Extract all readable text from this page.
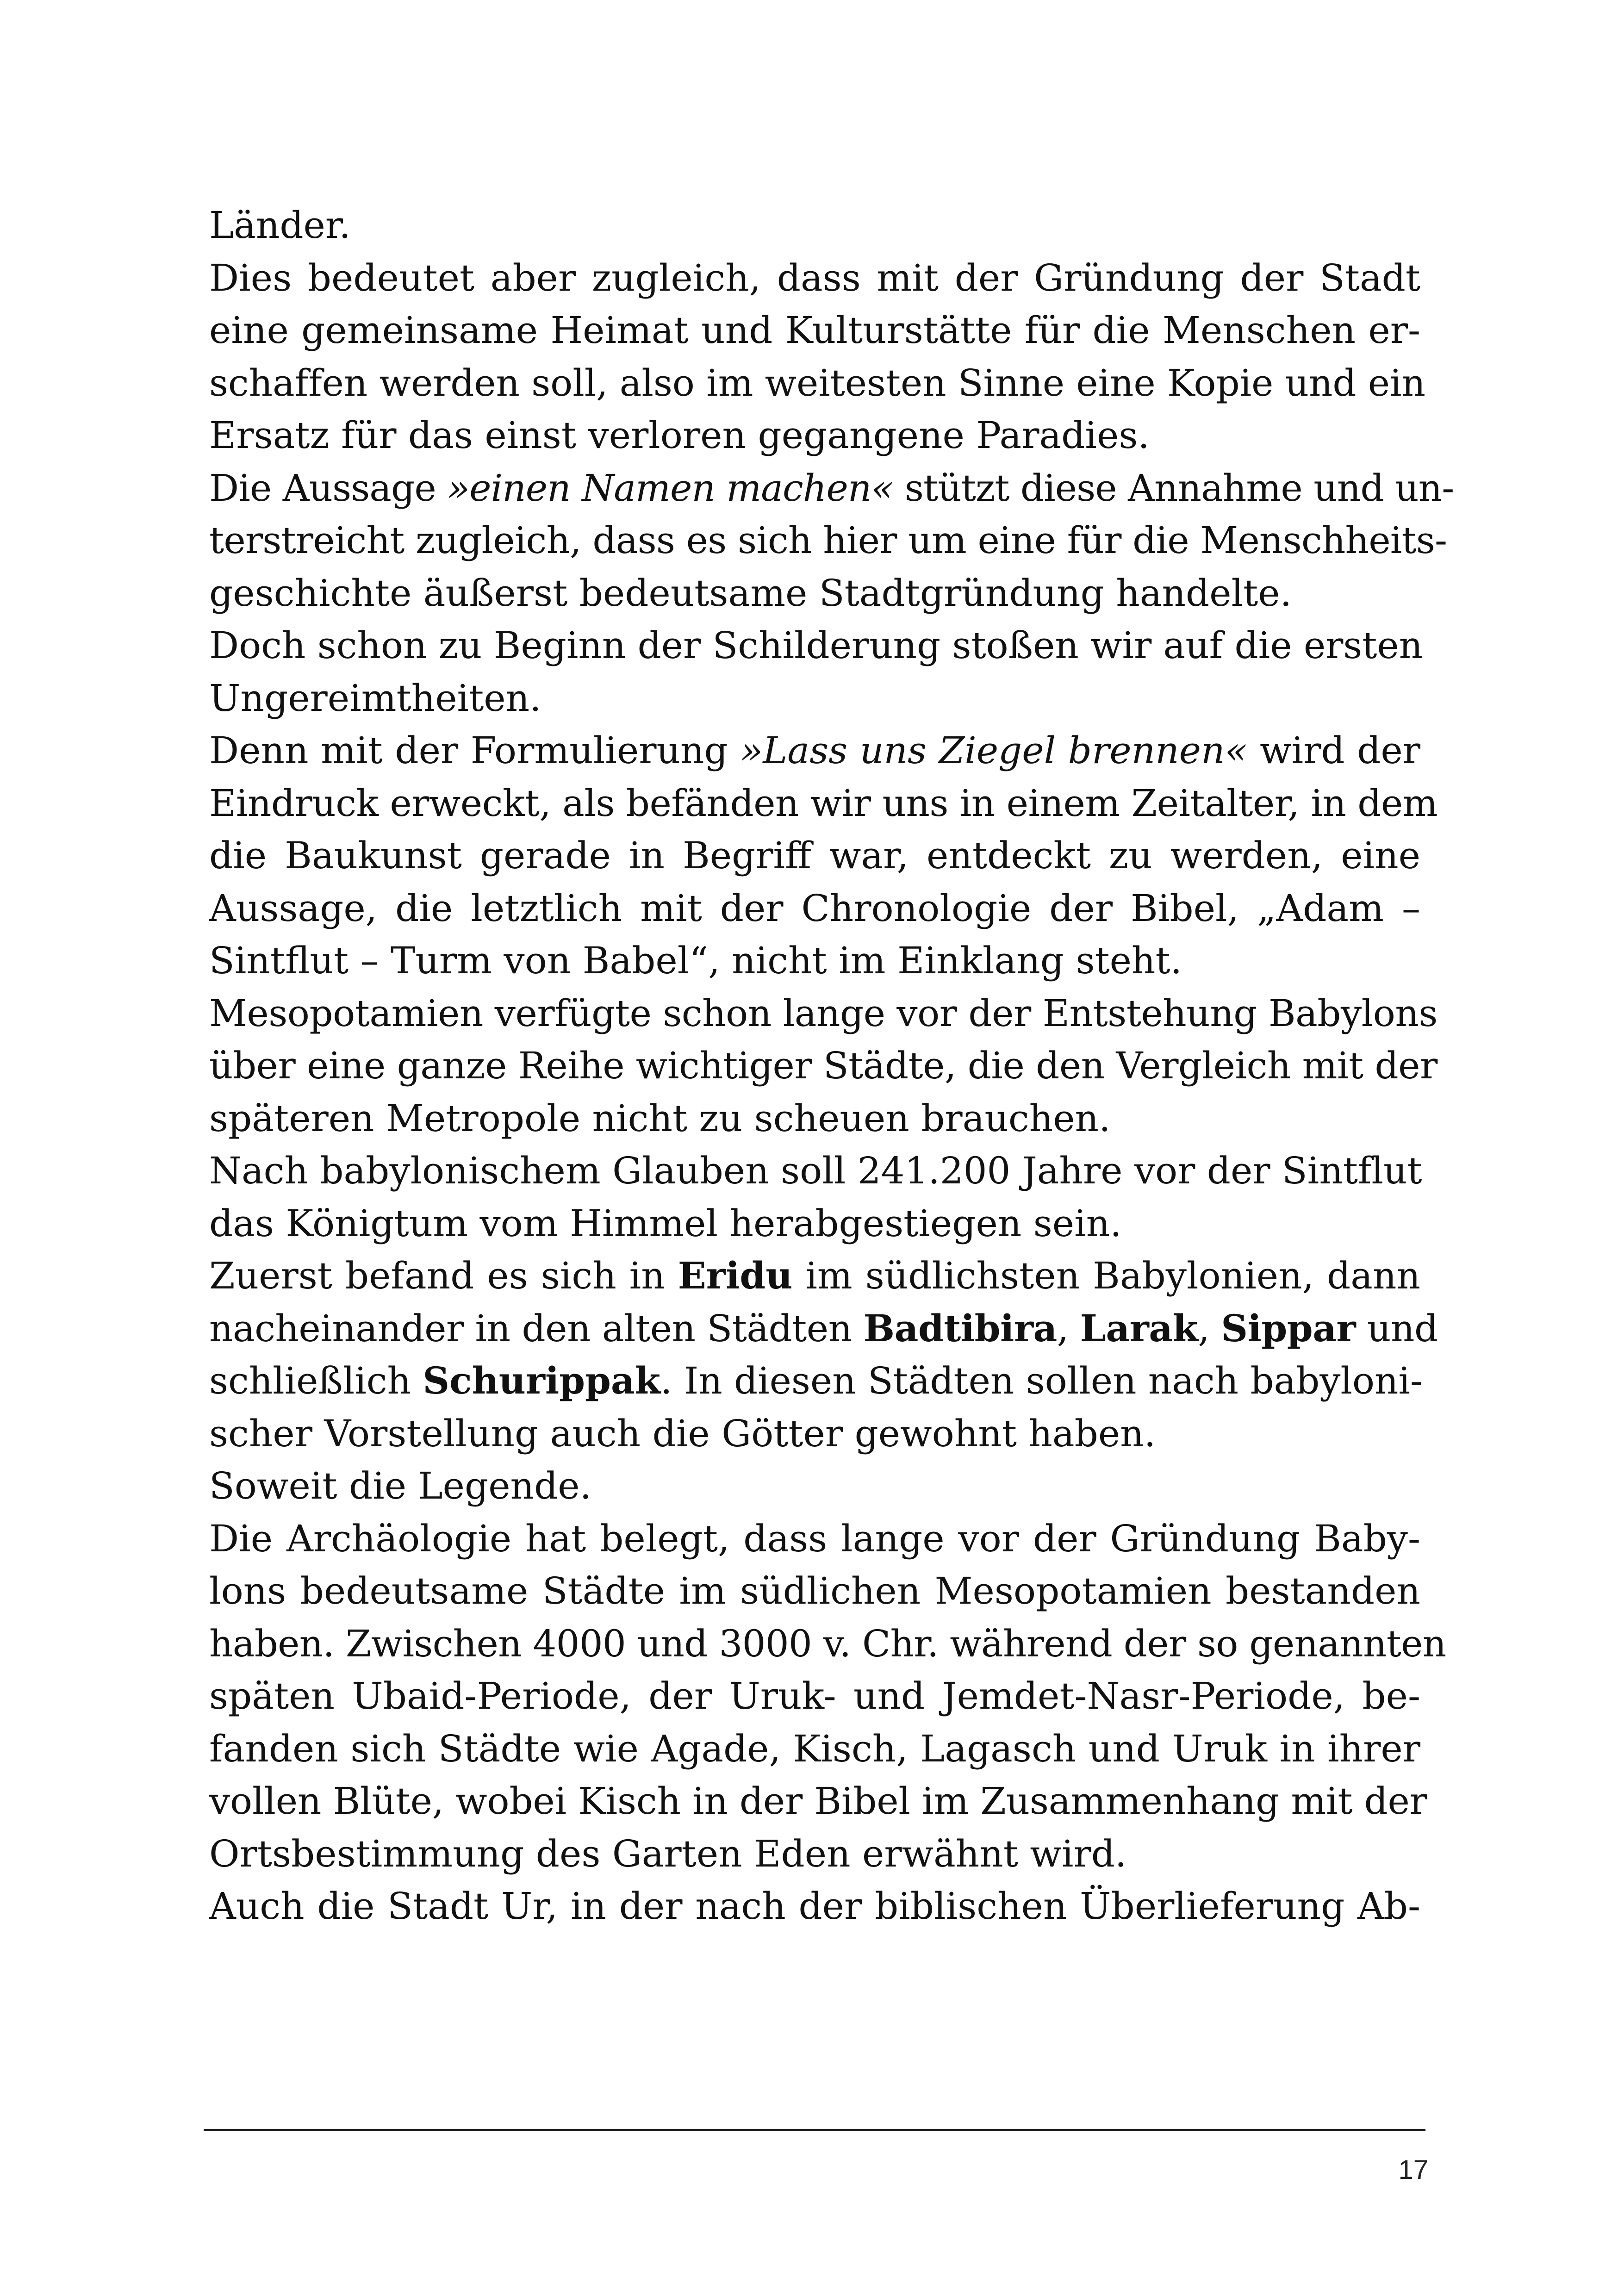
Länder.
Dies bedeutet aber zugleich, dass mit der Gründung der Stadt
eine gemeinsame Heimat und Kulturstätte für die Menschen er-
schaffen werden soll, also im weitesten Sinne eine Kopie und ein
Ersatz für das einst verloren gegangene Paradies.
Die Aussage »einen Namen machen« stützt diese Annahme und un-
terstreicht zugleich, dass es sich hier um eine für die Menschheits-
geschichte äußerst bedeutsame Stadtgründung handelte.
Doch schon zu Beginn der Schilderung stoßen wir auf die ersten
Ungereimtheiten.
Denn mit der Formulierung »Lass uns Ziegel brennen« wird der
Eindruck erweckt, als befänden wir uns in einem Zeitalter, in dem
die Baukunst gerade in Begriff war, entdeckt zu werden, eine
Aussage, die letztlich mit der Chronologie der Bibel, „Adam –
Sintflut – Turm von Babel“, nicht im Einklang steht.
Mesopotamien verfügte schon lange vor der Entstehung Babylons
über eine ganze Reihe wichtiger Städte, die den Vergleich mit der
späteren Metropole nicht zu scheuen brauchen.
Nach babylonischem Glauben soll 241.200 Jahre vor der Sintflut
das Königtum vom Himmel herabgestiegen sein.
Zuerst befand es sich in Eridu im südlichsten Babylonien, dann
nacheinander in den alten Städten Badtibira, Larak, Sippar und
schließlich Schurippak. In diesen Städten sollen nach babyloni-
scher Vorstellung auch die Götter gewohnt haben.
Soweit die Legende.
Die Archäologie hat belegt, dass lange vor der Gründung Baby-
lons bedeutsame Städte im südlichen Mesopotamien bestanden
haben. Zwischen 4000 und 3000 v. Chr. während der so genannten
späten Ubaid-Periode, der Uruk- und Jemdet-Nasr-Periode, be-
fanden sich Städte wie Agade, Kisch, Lagasch und Uruk in ihrer
vollen Blüte, wobei Kisch in der Bibel im Zusammenhang mit der
Ortsbestimmung des Garten Eden erwähnt wird.
Auch die Stadt Ur, in der nach der biblischen Überlieferung Ab-
17
